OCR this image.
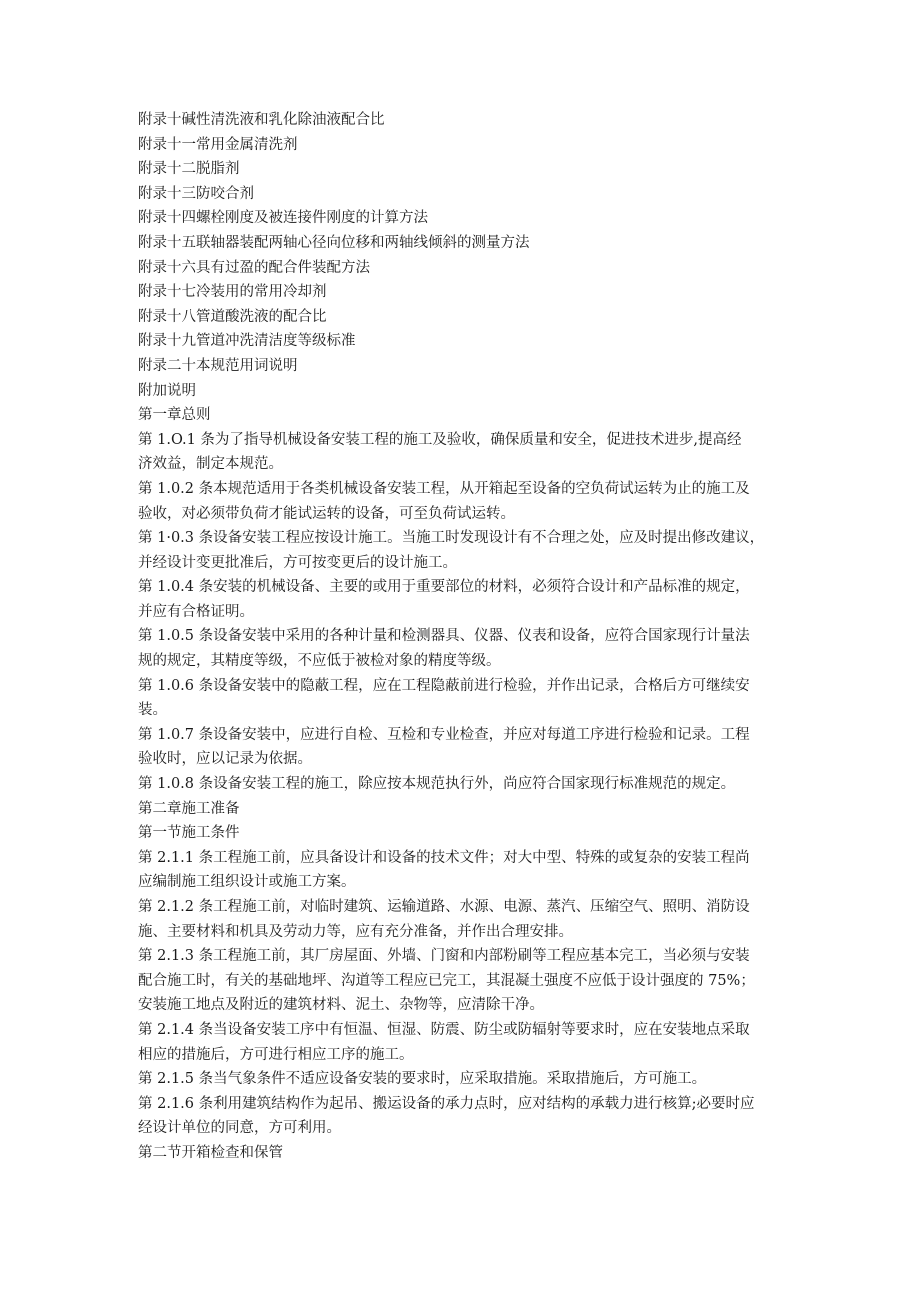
附录十碱性清洗液和乳化除油液配合比
附录十一常用金属清洗剂
附录十二脱脂剂
附录十三防咬合剂
附录十四螺栓刚度及被连接件刚度的计算方法
附录十五联轴器装配两轴心径向位移和两轴线倾斜的测量方法
附录十六具有过盈的配合件装配方法
附录十七冷装用的常用冷却剂
附录十八管道酸洗液的配合比
附录十九管道冲洗清洁度等级标准
附录二十本规范用词说明
附加说明
第一章总则
第 1.O.1 条为了指导机械设备安装工程的施工及验收，确保质量和安全，促进技术进步,提高经
济效益，制定本规范。
第 1.0.2 条本规范适用于各类机械设备安装工程，从开箱起至设备的空负荷试运转为止的施工及
验收，对必须带负荷才能试运转的设备，可至负荷试运转。
第 1·0.3 条设备安装工程应按设计施工。当施工时发现设计有不合理之处，应及时提出修改建议，
并经设计变更批准后，方可按变更后的设计施工。
第 1.0.4 条安装的机械设备、主要的或用于重要部位的材料，必须符合设计和产品标准的规定，
并应有合格证明。
第 1.0.5 条设备安装中采用的各种计量和检测器具、仪器、仪表和设备，应符合国家现行计量法
规的规定，其精度等级，不应低于被检对象的精度等级。
第 1.0.6 条设备安装中的隐蔽工程，应在工程隐蔽前进行检验，并作出记录，合格后方可继续安
装。
第 1.0.7 条设备安装中，应进行自检、互检和专业检查，并应对每道工序进行检验和记录。工程
验收时，应以记录为依据。
第 1.0.8 条设备安装工程的施工，除应按本规范执行外，尚应符合国家现行标准规范的规定。
第二章施工准备
第一节施工条件
第 2.1.1 条工程施工前，应具备设计和设备的技术文件；对大中型、特殊的或复杂的安装工程尚
应编制施工组织设计或施工方案。
第 2.1.2 条工程施工前，对临时建筑、运输道路、水源、电源、蒸汽、压缩空气、照明、消防设
施、主要材料和机具及劳动力等，应有充分准备，并作出合理安排。
第 2.1.3 条工程施工前，其厂房屋面、外墙、门窗和内部粉刷等工程应基本完工，当必须与安装
配合施工时，有关的基础地坪、沟道等工程应已完工，其混凝土强度不应低于设计强度的 75%；
安装施工地点及附近的建筑材料、泥土、杂物等，应清除干净。
第 2.1.4 条当设备安装工序中有恒温、恒湿、防震、防尘或防辐射等要求时，应在安装地点采取
相应的措施后，方可进行相应工序的施工。
第 2.1.5 条当气象条件不适应设备安装的要求时，应采取措施。采取措施后，方可施工。
第 2.1.6 条利用建筑结构作为起吊、搬运设备的承力点时，应对结构的承载力进行核算;必要时应
经设计单位的同意，方可利用。
第二节开箱检查和保管
